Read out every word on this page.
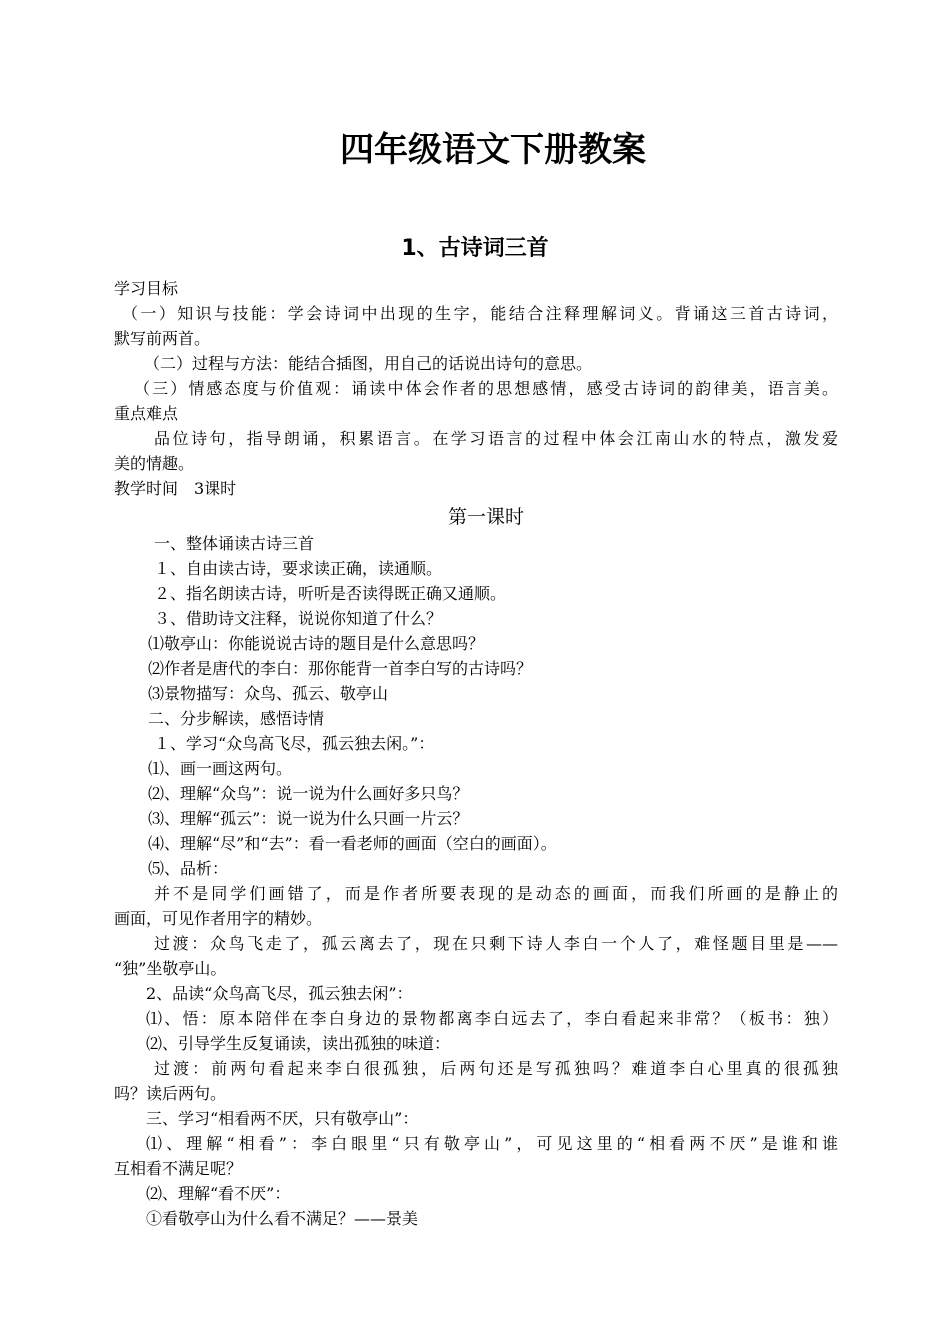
四年级语文下册教案
1、古诗词三首
学习目标
（一）知识与技能：学会诗词中出现的生字，能结合注释理解词义。背诵这三首古诗词，
默写前两首。
（二）过程与方法：能结合插图，用自己的话说出诗句的意思。
（三）情感态度与价值观：诵读中体会作者的思想感情，感受古诗词的韵律美，语言美。
重点难点
品位诗句，指导朗诵，积累语言。在学习语言的过程中体会江南山水的特点，激发爱
美的情趣。
教学时间　3课时
第一课时
一、整体诵读古诗三首
１、自由读古诗，要求读正确，读通顺。
２、指名朗读古诗，听听是否读得既正确又通顺。
３、借助诗文注释，说说你知道了什么？
⑴敬亭山：你能说说古诗的题目是什么意思吗？
⑵作者是唐代的李白：那你能背一首李白写的古诗吗？
⑶景物描写：众鸟、孤云、敬亭山
二、分步解读，感悟诗情
１、学习“众鸟高飞尽，孤云独去闲。”：
⑴、画一画这两句。
⑵、理解“众鸟”：说一说为什么画好多只鸟？
⑶、理解“孤云”：说一说为什么只画一片云？
⑷、理解“尽”和“去”：看一看老师的画面（空白的画面）。
⑸、品析：
并不是同学们画错了，而是作者所要表现的是动态的画面，而我们所画的是静止的
画面，可见作者用字的精妙。
过渡：众鸟飞走了，孤云离去了，现在只剩下诗人李白一个人了，难怪题目里是——
“独”坐敬亭山。
2、品读“众鸟高飞尽，孤云独去闲”：
⑴、悟：原本陪伴在李白身边的景物都离李白远去了，李白看起来非常？（板书：独）
⑵、引导学生反复诵读，读出孤独的味道：
过渡：前两句看起来李白很孤独，后两句还是写孤独吗？难道李白心里真的很孤独
吗？读后两句。
三、学习“相看两不厌，只有敬亭山”：
⑴、理解“相看”：李白眼里“只有敬亭山”，可见这里的“相看两不厌”是谁和谁
互相看不满足呢？
⑵、理解“看不厌”：
①看敬亭山为什么看不满足？——景美
